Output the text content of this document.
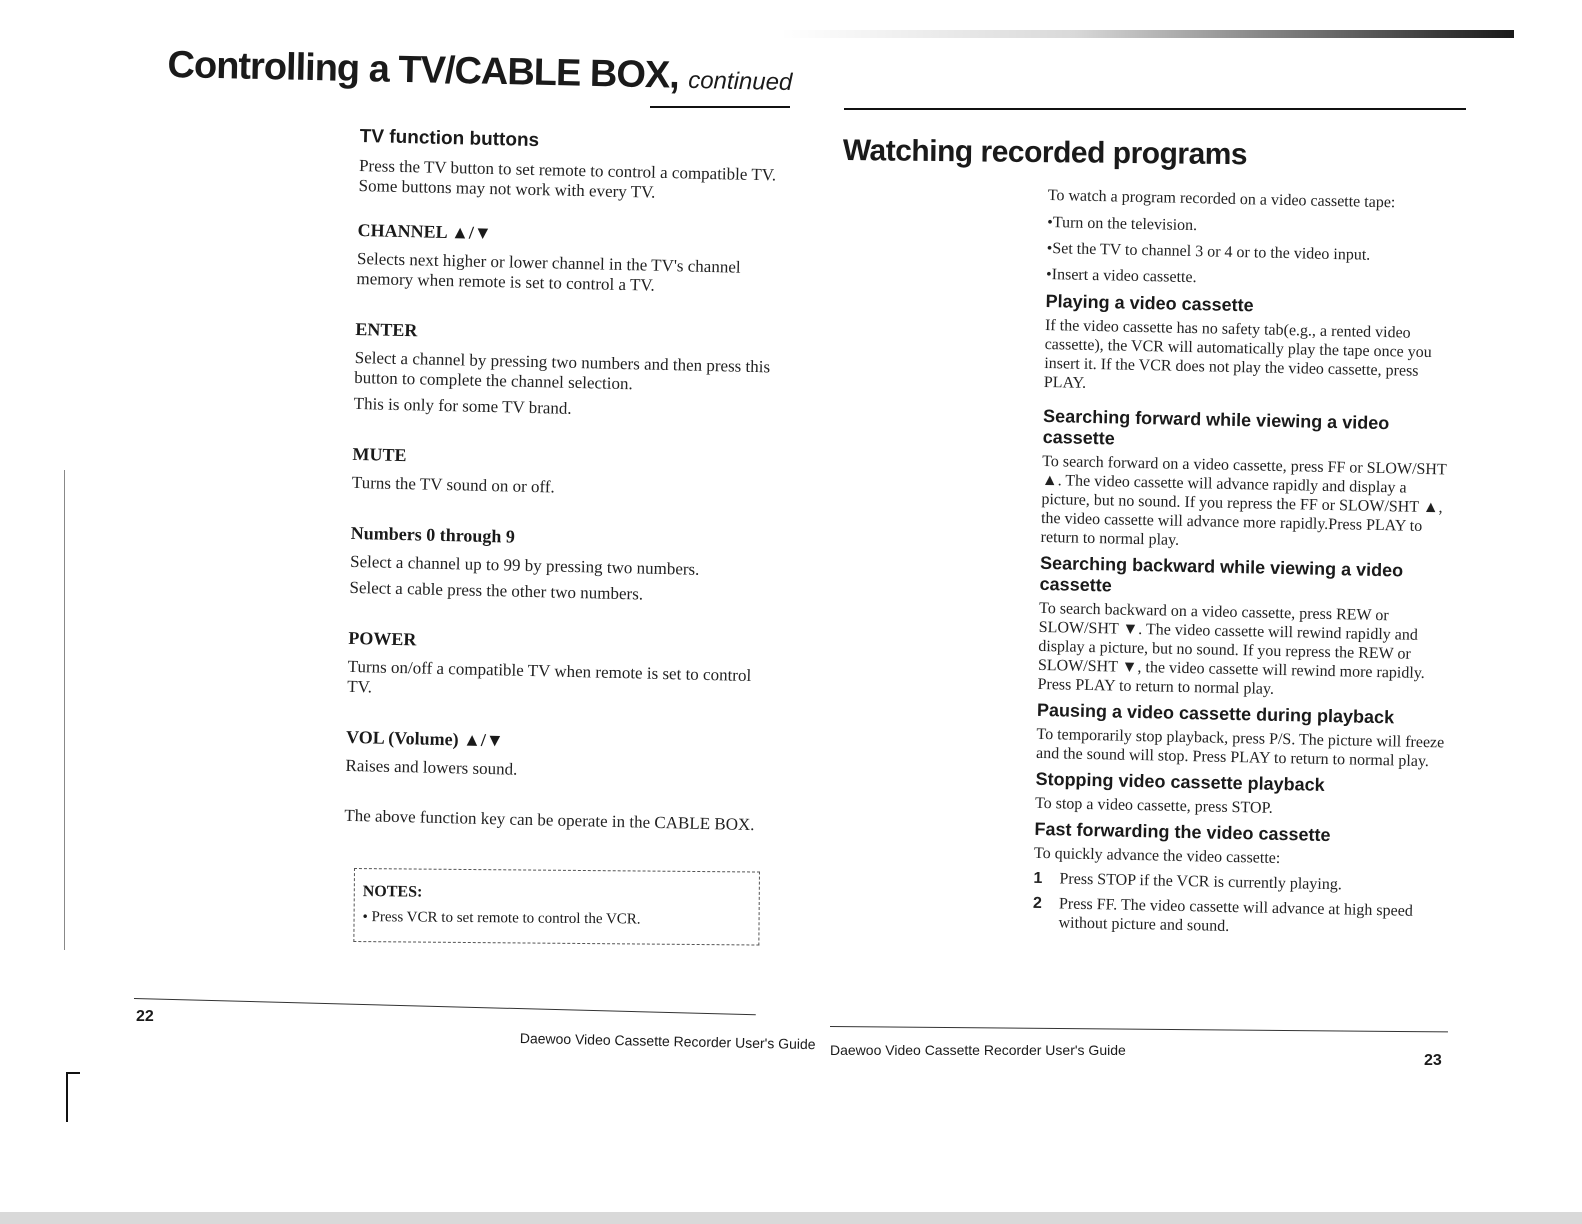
Controlling a TV/CABLE BOX, continued

TV function buttons

Press the TV button to set remote to control a compatible TV. Some buttons may not work with every TV.

CHANNEL ▲/▼

Selects next higher or lower channel in the TV's channel memory when remote is set to control a TV.

ENTER

Select a channel by pressing two numbers and then press this button to complete the channel selection.

This is only for some TV brand.

MUTE

Turns the TV sound on or off.

Numbers 0 through 9

Select a channel up to 99 by pressing two numbers.

Select a cable press the other two numbers.

POWER

Turns on/off a compatible TV when remote is set to control TV.

VOL (Volume) ▲/▼

Raises and lowers sound.

The above function key can be operate in the CABLE BOX.

NOTES:
• Press VCR to set remote to control the VCR.
22
Daewoo Video Cassette Recorder User's Guide
Watching recorded programs

To watch a program recorded on a video cassette tape:

•Turn on the television.

•Set the TV to channel 3 or 4 or to the video input.

•Insert a video cassette.

Playing a video cassette

If the video cassette has no safety tab(e.g., a rented video cassette), the VCR will automatically play the tape once you insert it. If the VCR does not play the video cassette, press PLAY.

Searching forward while viewing a video cassette

To search forward on a video cassette, press FF or SLOW/SHT ▲. The video cassette will advance rapidly and display a picture, but no sound. If you repress the FF or SLOW/SHT ▲, the video cassette will advance more rapidly.Press PLAY to return to normal play.

Searching backward while viewing a video cassette

To search backward on a video cassette, press REW or SLOW/SHT ▼. The video cassette will rewind rapidly and display a picture, but no sound. If you repress the REW or SLOW/SHT ▼, the video cassette will rewind more rapidly. Press PLAY to return to normal play.

Pausing a video cassette during playback

To temporarily stop playback, press P/S. The picture will freeze and the sound will stop. Press PLAY to return to normal play.

Stopping video cassette playback

To stop a video cassette, press STOP.

Fast forwarding the video cassette

To quickly advance the video cassette:

1	Press STOP if the VCR is currently playing.
2	Press FF. The video cassette will advance at high speed without picture and sound.
Daewoo Video Cassette Recorder User's Guide
23
